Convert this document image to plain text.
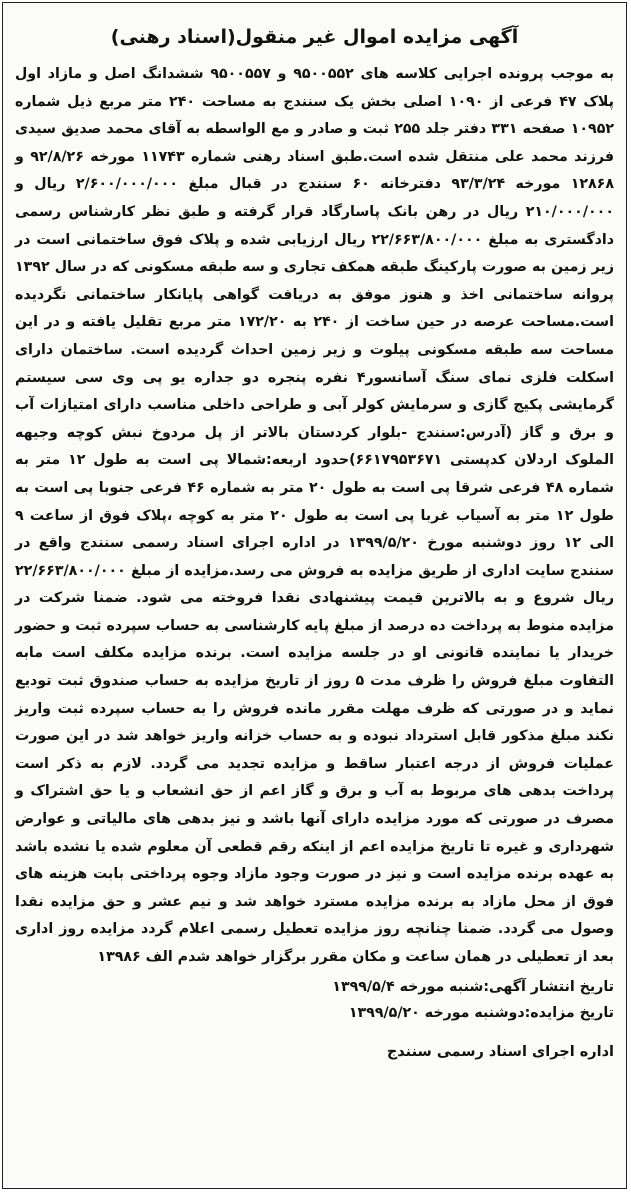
آگهی مزایده اموال غیر منقول(اسناد رهنی)

به موجب پرونده اجرایی کلاسه های ۹۵۰۰۵۵۲ و ۹۵۰۰۵۵۷ ششدانگ اصل و مازاد اول پلاک ۴۷ فرعی از ۱۰۹۰ اصلی بخش یک سنندج به مساحت ۲۴۰ متر مربع ذیل شماره ۱۰۹۵۲ صفحه ۳۳۱ دفتر جلد ۲۵۵ ثبت و صادر و مع الواسطه به آقای محمد صدیق سیدی فرزند محمد علی منتقل شده است.طبق اسناد رهنی شماره ۱۱۷۴۳ مورخه ۹۲/۸/۲۶ و ۱۲۸۶۸ مورخه ۹۳/۳/۲۴ دفترخانه ۶۰ سنندج در قبال مبلغ ۲/۶۰۰/۰۰۰/۰۰۰ ریال و ۲۱۰/۰۰۰/۰۰۰ ریال در رهن بانک پاسارگاد قرار گرفته و طبق نظر کارشناس رسمی دادگستری به مبلغ ۲۲/۶۶۳/۸۰۰/۰۰۰ ریال ارزیابی شده و پلاک فوق ساختمانی است در زیر زمین به صورت پارکینگ طبقه همکف تجاری و سه طبقه مسکونی که در سال ۱۳۹۲ پروانه ساختمانی اخذ و هنوز موفق به دریافت گواهی پایانکار ساختمانی نگردیده است.مساحت عرصه در حین ساخت از ۲۴۰ به ۱۷۲/۲۰ متر مربع تقلیل یافته و در این مساحت سه طبقه مسکونی پیلوت و زیر زمین احداث گردیده است. ساختمان دارای اسکلت فلزی نمای سنگ آسانسور۴ نفره پنجره دو جداره یو پی وی سی سیستم گرمایشی پکیج گازی و سرمایش کولر آبی و طراحی داخلی مناسب دارای امتیازات آب و برق و گاز (آدرس:سنندج -بلوار کردستان بالاتر از پل مردوخ نبش کوچه وجیهه الملوک اردلان کدپستی ۶۶۱۷۹۵۳۶۷۱)حدود اربعه:شمالا پی است به طول ۱۲ متر به شماره ۴۸ فرعی شرقا پی است به طول ۲۰ متر به شماره ۴۶ فرعی جنوبا پی است به طول ۱۲ متر به آسیاب غربا پی است به طول ۲۰ متر به کوچه ،پلاک فوق از ساعت ۹ الی ۱۲ روز دوشنبه مورخ ۱۳۹۹/۵/۲۰ در اداره اجرای اسناد رسمی سنندج واقع در سنندج سایت اداری از طریق مزایده به فروش می رسد.مزایده از مبلغ ۲۲/۶۶۳/۸۰۰/۰۰۰ ریال شروع و به بالاترین قیمت پیشنهادی نقدا فروخته می شود. ضمنا شرکت در مزایده منوط به پرداخت ده درصد از مبلغ پایه کارشناسی به حساب سپرده ثبت و حضور خریدار یا نماینده قانونی او در جلسه مزایده است. برنده مزایده مکلف است مابه التفاوت مبلغ فروش را ظرف مدت ۵ روز از تاریخ مزایده به حساب صندوق ثبت تودیع نماید و در صورتی که ظرف مهلت مقرر مانده فروش را به حساب سپرده ثبت واریز نکند مبلغ مذکور قابل استرداد نبوده و به حساب خزانه واریز خواهد شد در این صورت عملیات فروش از درجه اعتبار ساقط و مزایده تجدید می گردد. لازم به ذکر است پرداخت بدهی های مربوط به آب و برق و گاز اعم از حق انشعاب و یا حق اشتراک و مصرف در صورتی که مورد مزایده دارای آنها باشد و نیز بدهی های مالیاتی و عوارض شهرداری و غیره تا تاریخ مزایده اعم از اینکه رقم قطعی آن معلوم شده یا نشده باشد به عهده برنده مزایده است و نیز در صورت وجود مازاد وجوه پرداختی بابت هزینه های فوق از محل مازاد به برنده مزایده مسترد خواهد شد و نیم عشر و حق مزایده نقدا وصول می گردد. ضمنا چنانچه روز مزایده تعطیل رسمی اعلام گردد مزایده روز اداری بعد از تعطیلی در همان ساعت و مکان مقرر برگزار خواهد شدم الف ۱۳۹۸۶

تاریخ انتشار آگهی:شنبه مورخه ۱۳۹۹/۵/۴
تاریخ مزایده:دوشنبه مورخه ۱۳۹۹/۵/۲۰
اداره اجرای اسناد رسمی سنندج
